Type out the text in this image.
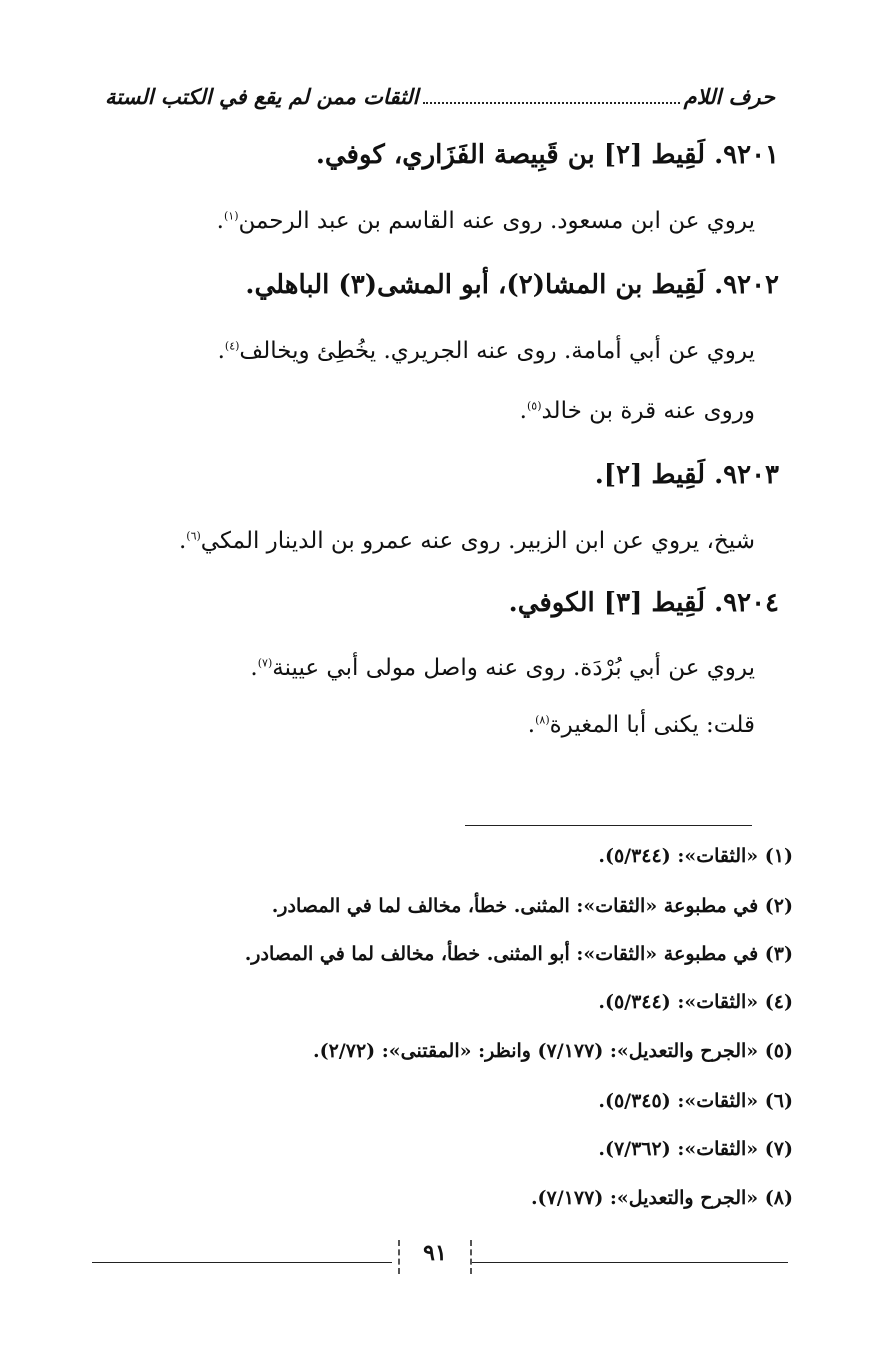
حرف اللام
الثقات ممن لم يقع في الكتب الستة
٩٢٠١. لَقِيط [٢] بن قَبِيصة الفَزَاري، كوفي.
يروي عن ابن مسعود. روى عنه القاسم بن عبد الرحمن$^{(١)}$.
٩٢٠٢. لَقِيط بن المشا(٢)، أبو المشى(٣) الباهلي.
يروي عن أبي أمامة. روى عنه الجريري. يخُطِئ ويخالف$^{(٤)}$.
وروى عنه قرة بن خالد$^{(٥)}$.
٩٢٠٣. لَقِيط [٢].
شيخ، يروي عن ابن الزبير. روى عنه عمرو بن الدينار المكي$^{(٦)}$.
٩٢٠٤. لَقِيط [٣] الكوفي.
يروي عن أبي بُرْدَة. روى عنه واصل مولى أبي عيينة$^{(٧)}$.
قلت: يكنى أبا المغيرة$^{(٨)}$.
(١) «الثقات»: (٥/٣٤٤).
(٢) في مطبوعة «الثقات»: المثنى. خطأ، مخالف لما في المصادر.
(٣) في مطبوعة «الثقات»: أبو المثنى. خطأ، مخالف لما في المصادر.
(٤) «الثقات»: (٥/٣٤٤).
(٥) «الجرح والتعديل»: (٧/١٧٧) وانظر: «المقتنى»: (٢/٧٢).
(٦) «الثقات»: (٥/٣٤٥).
(٧) «الثقات»: (٧/٣٦٢).
(٨) «الجرح والتعديل»: (٧/١٧٧).
٩١
